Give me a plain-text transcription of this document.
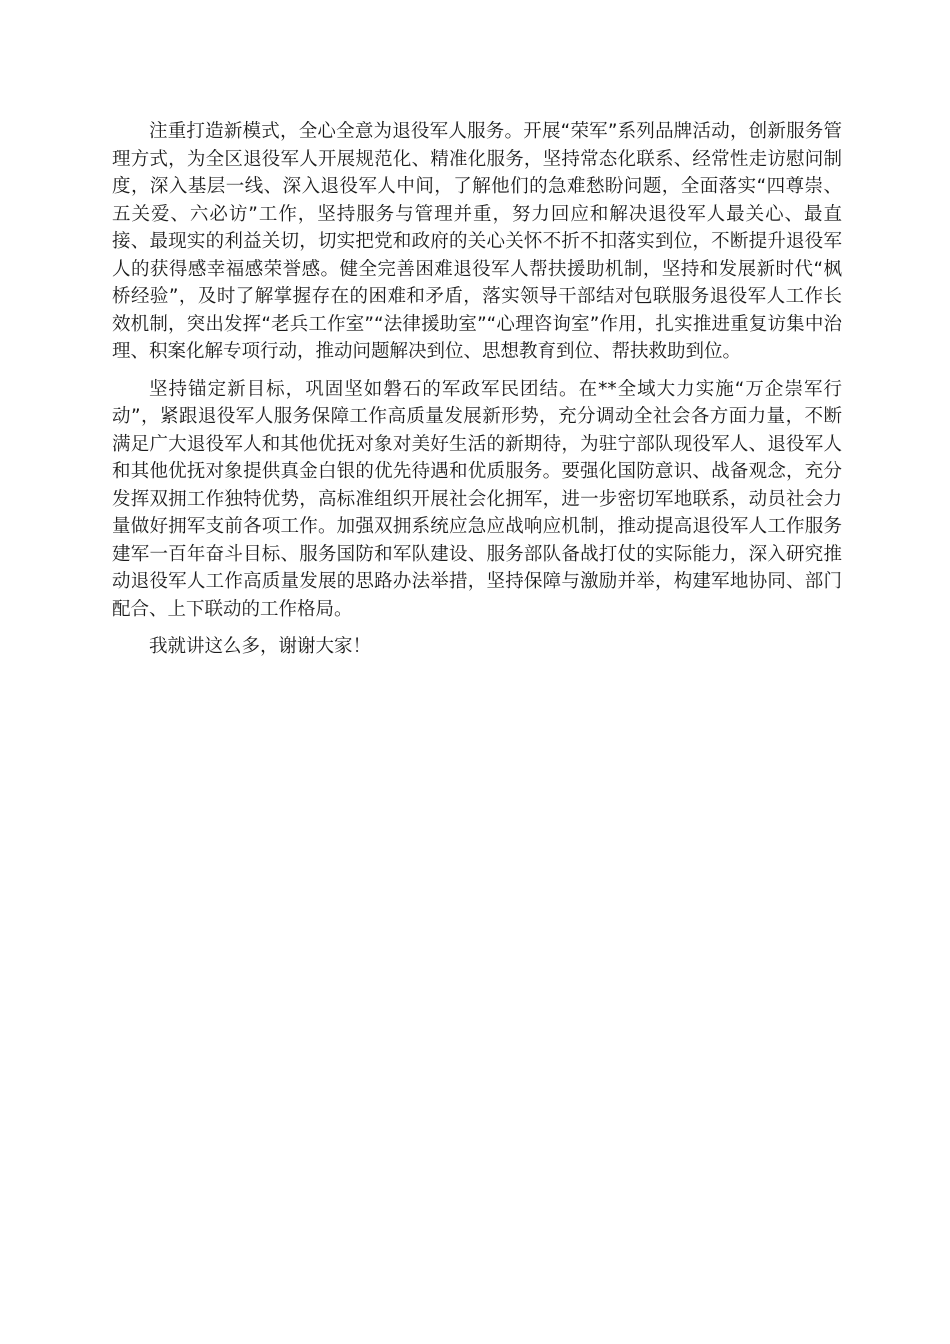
注重打造新模式，全心全意为退役军人服务。开展“荣军”系列品牌活动，创新服务管理方式，为全区退役军人开展规范化、精准化服务，坚持常态化联系、经常性走访慰问制度，深入基层一线、深入退役军人中间，了解他们的急难愁盼问题，全面落实“四尊崇、五关爱、六必访”工作，坚持服务与管理并重，努力回应和解决退役军人最关心、最直接、最现实的利益关切，切实把党和政府的关心关怀不折不扣落实到位，不断提升退役军人的获得感幸福感荣誉感。健全完善困难退役军人帮扶援助机制，坚持和发展新时代“枫桥经验”，及时了解掌握存在的困难和矛盾，落实领导干部结对包联服务退役军人工作长效机制，突出发挥“老兵工作室”“法律援助室”“心理咨询室”作用，扎实推进重复访集中治理、积案化解专项行动，推动问题解决到位、思想教育到位、帮扶救助到位。

坚持锚定新目标，巩固坚如磐石的军政军民团结。在**全域大力实施“万企崇军行动”，紧跟退役军人服务保障工作高质量发展新形势，充分调动全社会各方面力量，不断满足广大退役军人和其他优抚对象对美好生活的新期待，为驻宁部队现役军人、退役军人和其他优抚对象提供真金白银的优先待遇和优质服务。要强化国防意识、战备观念，充分发挥双拥工作独特优势，高标准组织开展社会化拥军，进一步密切军地联系，动员社会力量做好拥军支前各项工作。加强双拥系统应急应战响应机制，推动提高退役军人工作服务建军一百年奋斗目标、服务国防和军队建设、服务部队备战打仗的实际能力，深入研究推动退役军人工作高质量发展的思路办法举措，坚持保障与激励并举，构建军地协同、部门配合、上下联动的工作格局。

我就讲这么多，谢谢大家！
